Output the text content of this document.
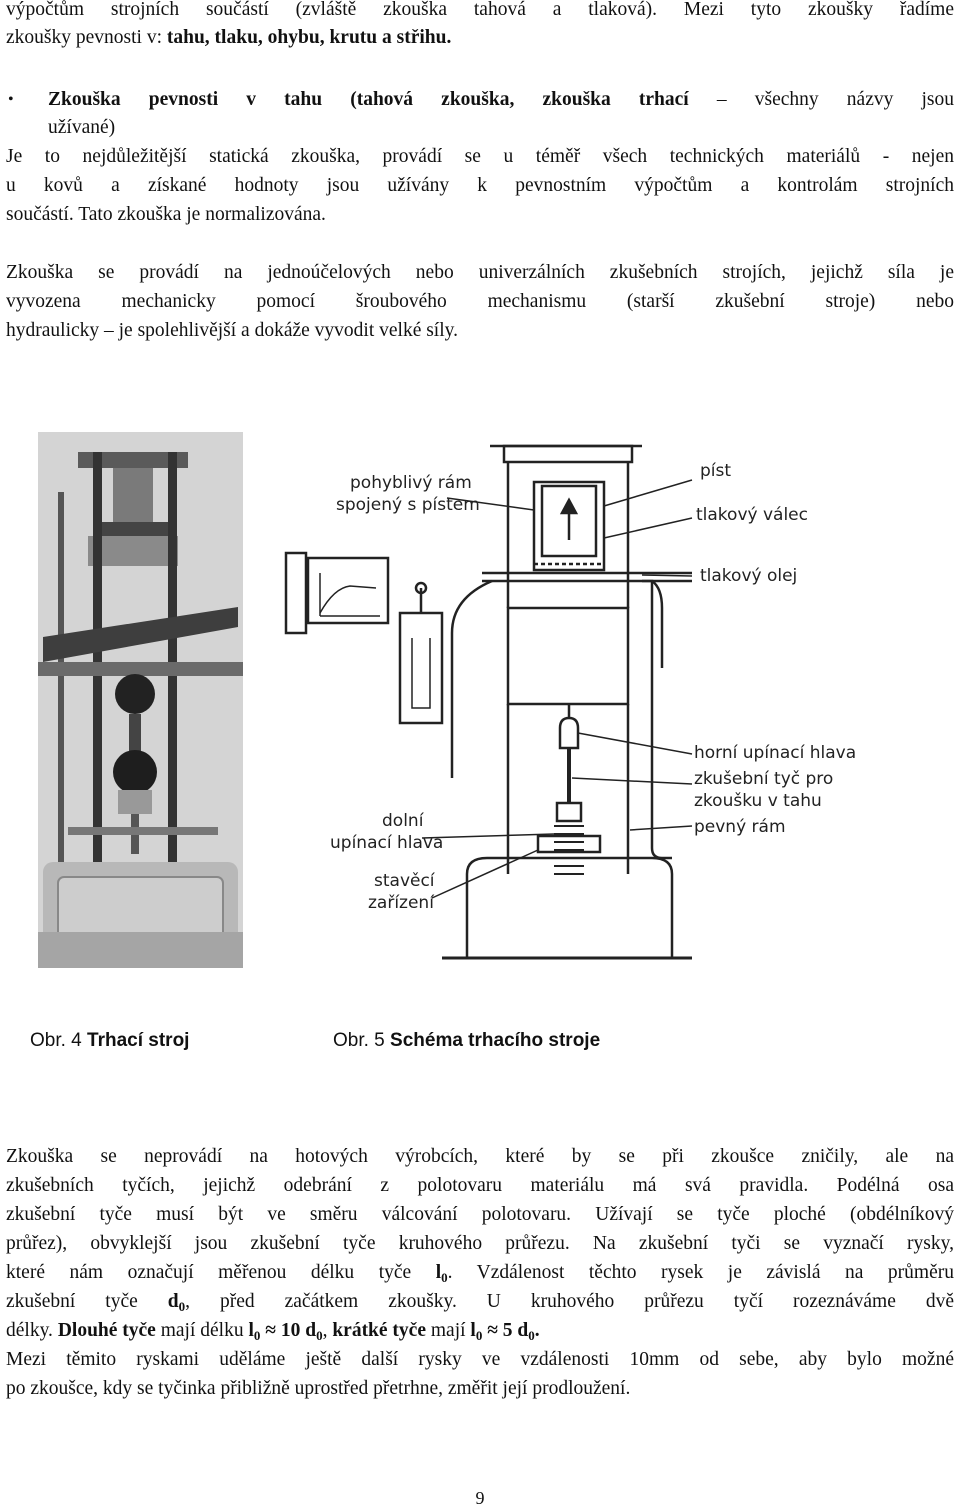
výpočtům strojních součástí (zvláště zkouška tahová a tlaková). Mezi tyto zkoušky řadíme
zkoušky pevnosti v: tahu, tlaku, ohybu, krutu a střihu.
• Zkouška pevnosti v tahu (tahová zkouška, zkouška trhací – všechny názvy jsou
užívané)
Je to nejdůležitější statická zkouška, provádí se u téměř všech technických materiálů - nejen
u kovů a získané hodnoty jsou užívány k pevnostním výpočtům a kontrolám strojních
součástí. Tato zkouška je normalizována.
Zkouška se provádí na jednoúčelových nebo univerzálních zkušebních strojích, jejichž síla je
vyvozena mechanicky pomocí šroubového mechanismu (starší zkušební stroje) nebo
hydraulicky – je spolehlivější a dokáže vyvodit velké síly.
pohyblivý rám
spojený s pístem
píst
tlakový válec
tlakový olej
horní upínací hlava
zkušební tyč pro
zkoušku v tahu
pevný rám
dolní
upínací hlava
stavěcí
zařízení
Obr. 4 Trhací stroj	Obr. 5 Schéma trhacího stroje
Zkouška se neprovádí na hotových výrobcích, které by se při zkoušce zničily, ale na
zkušebních tyčích, jejichž odebrání z polotovaru materiálu má svá pravidla. Podélná osa
zkušební tyče musí být ve směru válcování polotovaru. Užívají se tyče ploché (obdélníkový
průřez), obvyklejší jsou zkušební tyče kruhového průřezu. Na zkušební tyči se vyznačí rysky,
které nám označují měřenou délku tyče $l_0$. Vzdálenost těchto rysek je závislá na průměru
zkušební tyče $d_0$, před začátkem zkoušky. U kruhového průřezu tyčí rozeznáváme dvě
délky. Dlouhé tyče mají délku $l_0 \approx 10$ $d_0$, krátké tyče mají $l_0 \approx 5$ $d_0$.
Mezi těmito ryskami uděláme ještě další rysky ve vzdálenosti 10mm od sebe, aby bylo možné
po zkoušce, kdy se tyčinka přibližně uprostřed přetrhne, změřit její prodloužení.
9
